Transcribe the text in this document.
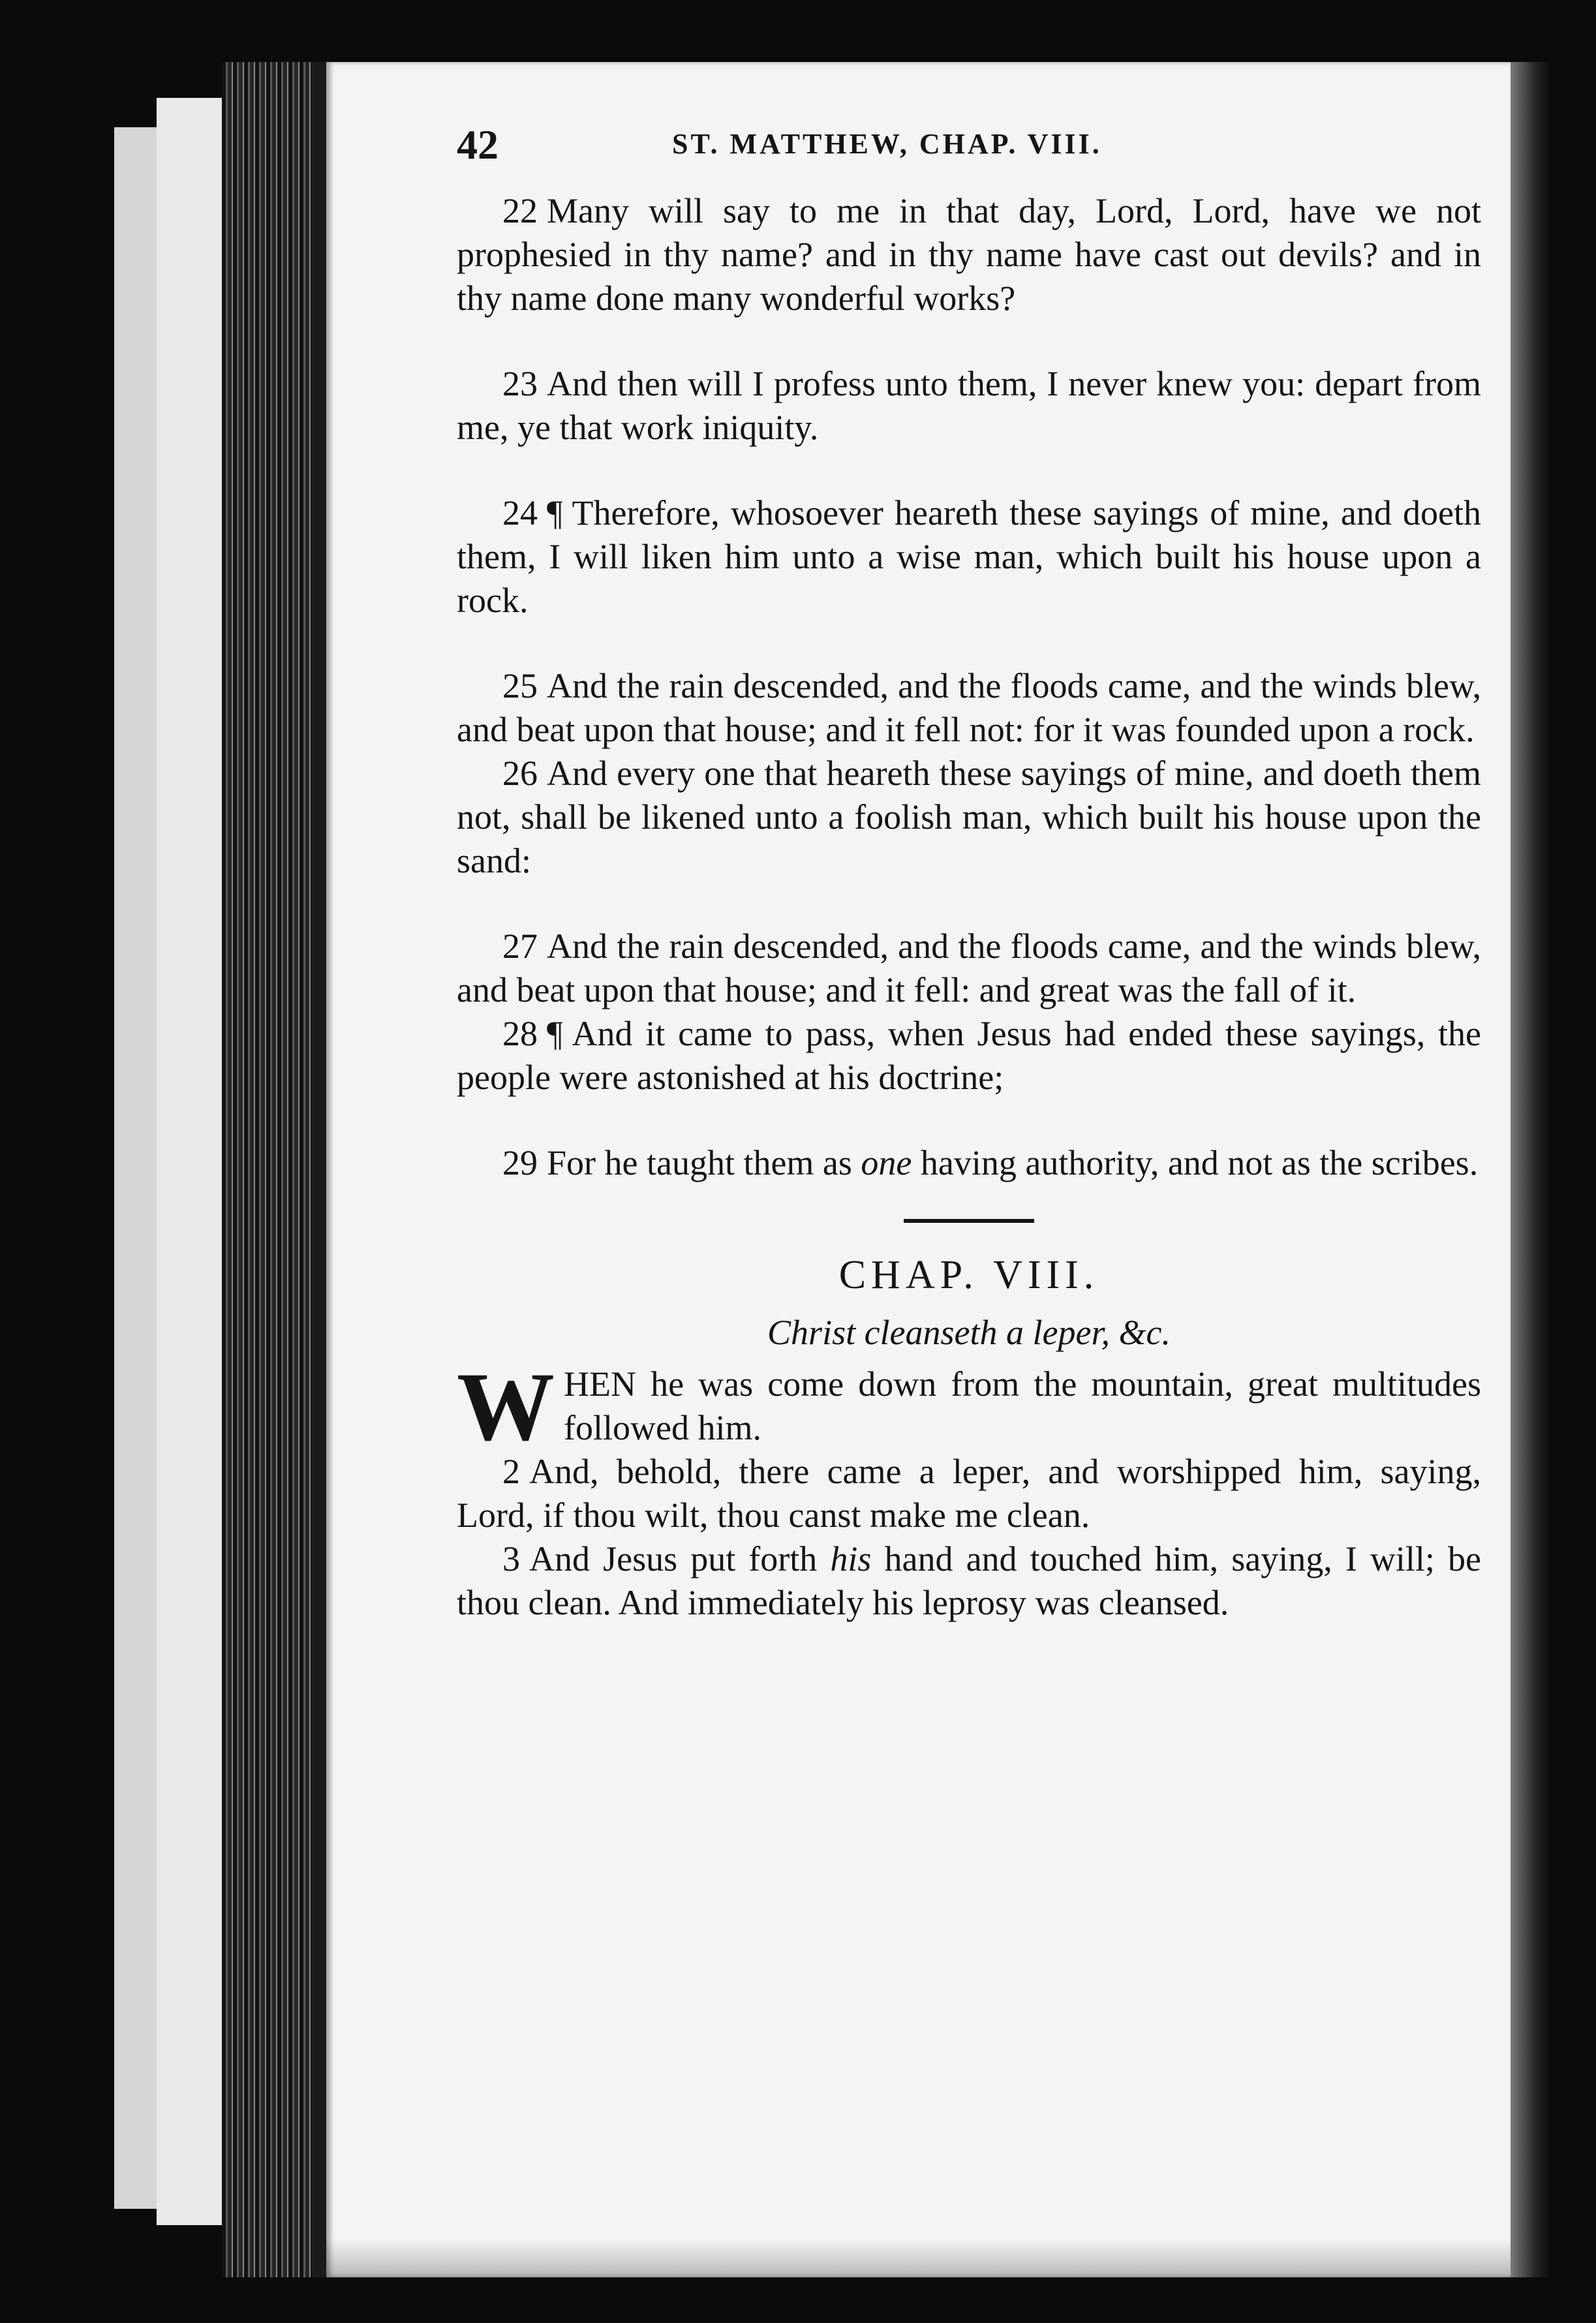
42	ST. MATTHEW, CHAP. VIII.

22 Many will say to me in that day, Lord, Lord, have we not prophesied in thy name? and in thy name have cast out devils? and in thy name done many wonderful works?

23 And then will I profess unto them, I never knew you: depart from me, ye that work iniquity.

24 ¶ Therefore, whosoever heareth these sayings of mine, and doeth them, I will liken him unto a wise man, which built his house upon a rock.

25 And the rain descended, and the floods came, and the winds blew, and beat upon that house; and it fell not: for it was founded upon a rock.

26 And every one that heareth these sayings of mine, and doeth them not, shall be likened unto a foolish man, which built his house upon the sand:

27 And the rain descended, and the floods came, and the winds blew, and beat upon that house; and it fell: and great was the fall of it.

28 ¶ And it came to pass, when Jesus had ended these sayings, the people were astonished at his doctrine;

29 For he taught them as one having authority, and not as the scribes.

CHAP. VIII.

Christ cleanseth a leper, &c.

WHEN he was come down from the mountain, great multitudes followed him.

2 And, behold, there came a leper, and worshipped him, saying, Lord, if thou wilt, thou canst make me clean.

3 And Jesus put forth his hand and touched him, saying, I will; be thou clean. And immediately his leprosy was cleansed.
